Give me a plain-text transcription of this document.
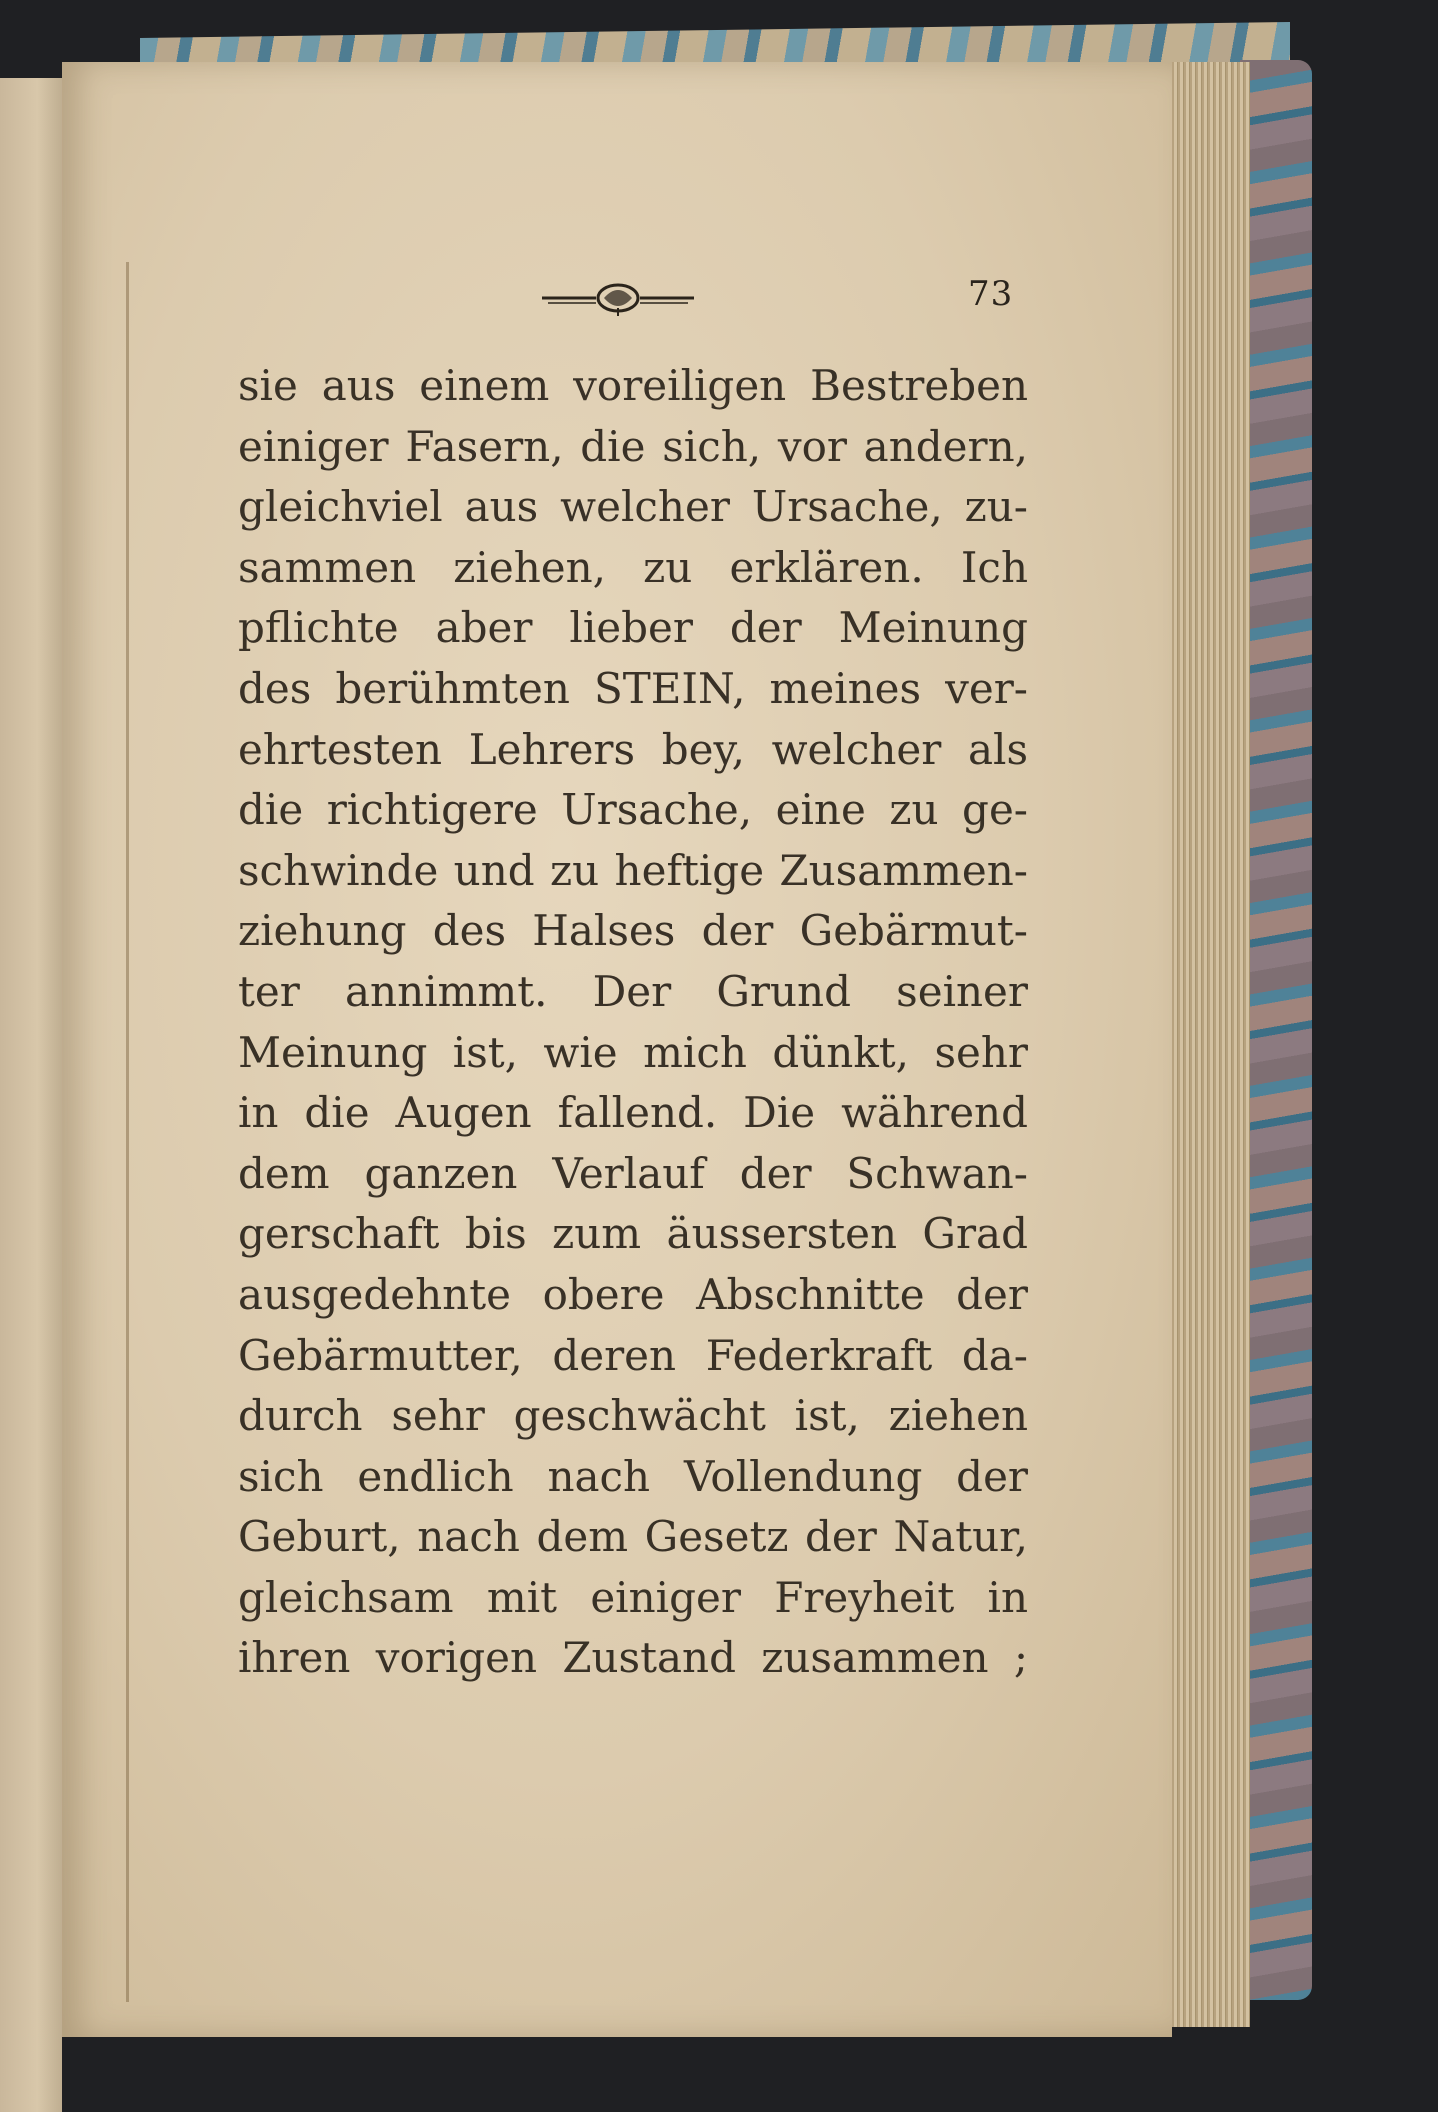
73
sie aus einem voreiligen Bestreben
einiger Fasern, die sich, vor andern,
gleichviel aus welcher Ursache, zu-
sammen ziehen, zu erklären. Ich
pflichte aber lieber der Meinung
des berühmten STEIN, meines ver-
ehrtesten Lehrers bey, welcher als
die richtigere Ursache, eine zu ge-
schwinde und zu heftige Zusammen-
ziehung des Halses der Gebärmut-
ter annimmt. Der Grund seiner
Meinung ist, wie mich dünkt, sehr
in die Augen fallend. Die während
dem ganzen Verlauf der Schwan-
gerschaft bis zum äussersten Grad
ausgedehnte obere Abschnitte der
Gebärmutter, deren Federkraft da-
durch sehr geschwächt ist, ziehen
sich endlich nach Vollendung der
Geburt, nach dem Gesetz der Natur,
gleichsam mit einiger Freyheit in
ihren vorigen Zustand zusammen ;
